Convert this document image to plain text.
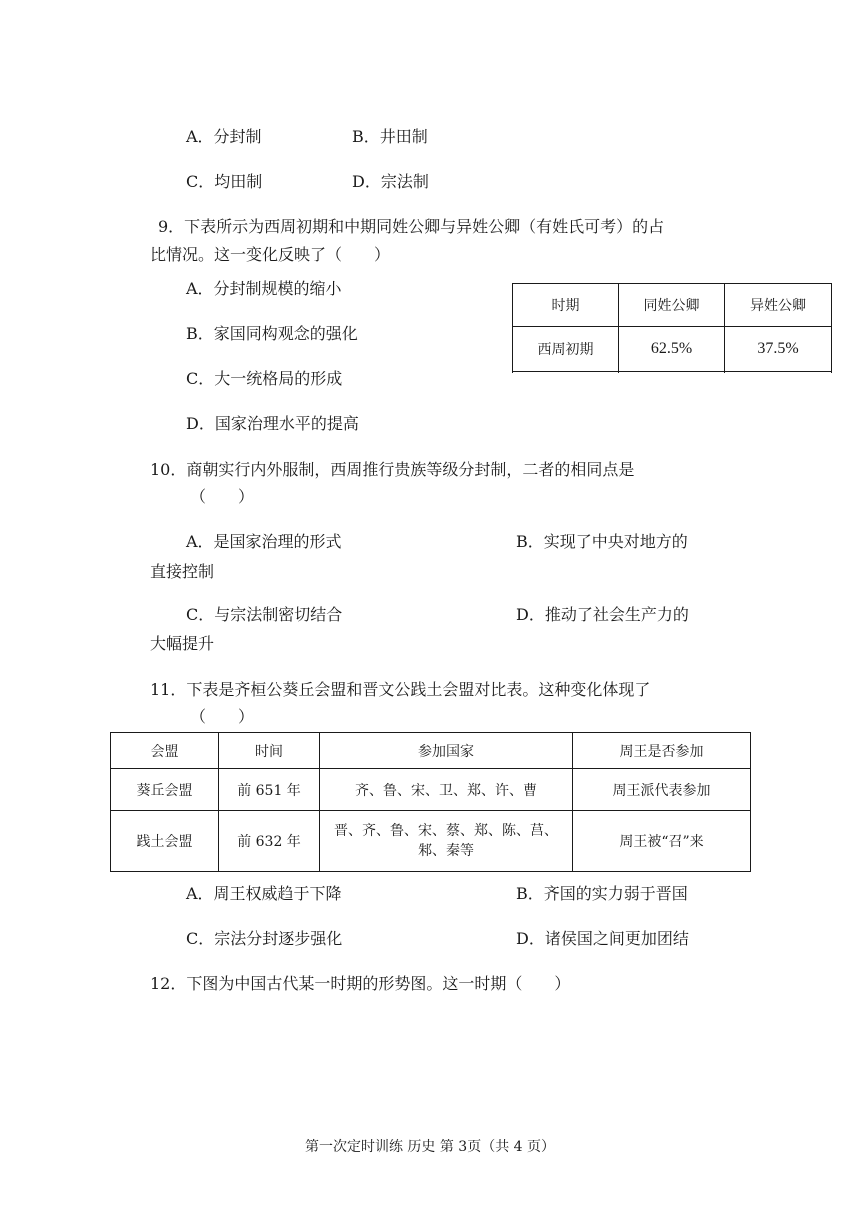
A．分封制	B．井田制
C．均田制	D．宗法制
9．下表所示为西周初期和中期同姓公卿与异姓公卿（有姓氏可考）的占
比情况。这一变化反映了（　　）
A．分封制规模的缩小
B．家国同构观念的强化
C．大一统格局的形成
D．国家治理水平的提高
时期	同姓公卿	异姓公卿
西周初期	62.5%	37.5%

10．商朝实行内外服制，西周推行贵族等级分封制，二者的相同点是
（　　）
A．是国家治理的形式	B．实现了中央对地方的
直接控制
C．与宗法制密切结合	D．推动了社会生产力的
大幅提升
11．下表是齐桓公葵丘会盟和晋文公践土会盟对比表。这种变化体现了
（　　）
会盟	时间	参加国家	周王是否参加
葵丘会盟	前 651 年	齐、鲁、宋、卫、郑、许、曹	周王派代表参加
践土会盟	前 632 年	晋、齐、鲁、宋、蔡、郑、陈、莒、邾、秦等	周王被“召”来
A．周王权威趋于下降	B．齐国的实力弱于晋国
C．宗法分封逐步强化	D．诸侯国之间更加团结
12．下图为中国古代某一时期的形势图。这一时期（　　）
第一次定时训练 历史 第 3页（共 4 页）
